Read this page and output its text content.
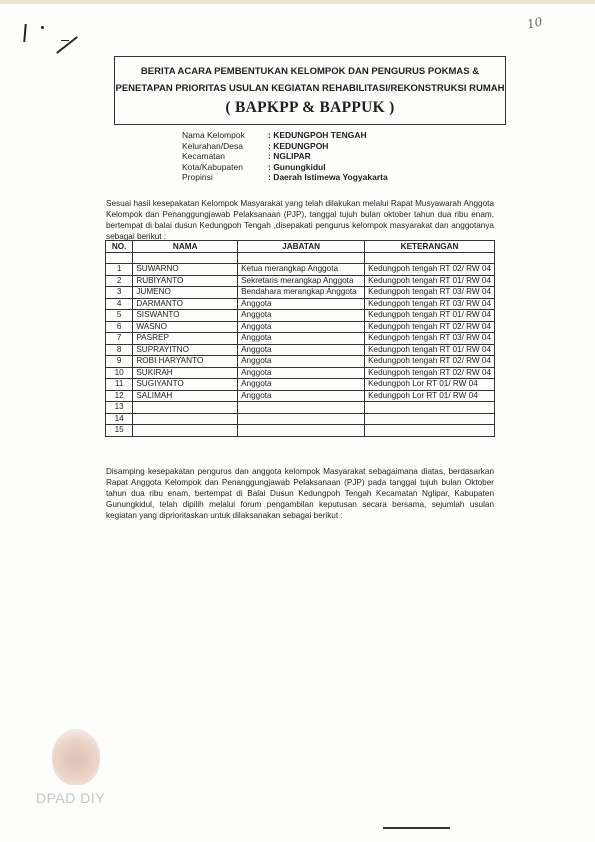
10
BERITA ACARA PEMBENTUKAN KELOMPOK DAN PENGURUS POKMAS &
PENETAPAN PRIORITAS USULAN KEGIATAN REHABILITASI/REKONSTRUKSI RUMAH
( BAPKPP & BAPPUK )
Nama Kelompok	: KEDUNGPOH TENGAH
Kelurahan/Desa	: KEDUNGPOH
Kecamatan	: NGLIPAR
Kota/Kabupaten	: Gunungkidul
Propinsi	: Daerah Istimewa Yogyakarta
Sesuai hasil kesepakatan Kelompok Masyarakat yang telah dilakukan melalui Rapat Musyawarah Anggota Kelompok dan Penanggungjawab Pelaksanaan (PJP), tanggal tujuh bulan oktober tahun dua ribu enam, bertempat di balai dusun Kedungpoh Tengah ,disepakati pengurus kelompok masyarakat dan anggotanya sebagai berikut :
NO.	NAMA	JABATAN	KETERANGAN

1	SUWARNO	Ketua merangkap Anggota	Kedungpoh tengah RT 02/ RW 04
2	RUBIYANTO	Sekretaris merangkap Anggota	Kedungpoh tengah RT 01/ RW 04
3	JUMENO	Bendahara merangkap Anggota	Kedungpoh tengah RT 03/ RW 04
4	DARMANTO	Anggota	Kedungpoh tengah RT 03/ RW 04
5	SISWANTO	Anggota	Kedungpoh tengah RT 01/ RW 04
6	WASNO	Anggota	Kedungpoh tengah RT 02/ RW 04
7	PASREP	Anggota	Kedungpoh tengah RT 03/ RW 04
8	SUPRAYITNO	Anggota	Kedungpoh tengah RT 01/ RW 04
9	ROBI HARYANTO	Anggota	Kedungpoh tengah RT 02/ RW 04
10	SUKIRAH	Anggota	Kedungpoh tengah RT 02/ RW 04
11	SUGIYANTO	Anggota	Kedungpoh Lor RT 01/ RW 04
12	SALIMAH	Anggota	Kedungpoh Lor RT 01/ RW 04
13			
14			
15			
Disamping kesepakatan pengurus dan anggota kelompok Masyarakat sebagaimana diatas, berdasarkan Rapat Anggota Kelompok dan Penanggungjawab Pelaksanaan (PJP) pada tanggal tujuh bulan Oktober tahun dua ribu enam, bertempat di Balai Dusun Kedungpoh Tengah Kecamatan Nglipar, Kabupaten Gunungkidul, telah dipilih melalui forum pengambilan keputusan secara bersama, sejumlah usulan kegiatan yang diprioritaskan untuk dilaksanakan sebagai berikut :
DPAD DIY
